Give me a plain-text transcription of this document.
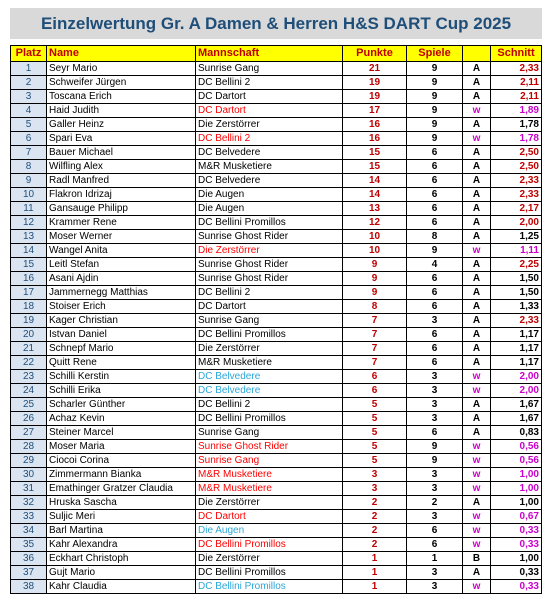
Einzelwertung Gr. A Damen & Herren H&S DART Cup 2025
Platz	Name	Mannschaft	Punkte	Spiele		Schnitt
1	Seyr Mario	Sunrise Gang	21	9	A	2,33
2	Schweifer Jürgen	DC Bellini 2	19	9	A	2,11
3	Toscana Erich	DC Dartort	19	9	A	2,11
4	Haid Judith	DC Dartort	17	9	w	1,89
5	Galler Heinz	Die Zerstörrer	16	9	A	1,78
6	Spari Eva	DC Bellini 2	16	9	w	1,78
7	Bauer Michael	DC Belvedere	15	6	A	2,50
8	Wilfling Alex	M&R Musketiere	15	6	A	2,50
9	Radl Manfred	DC Belvedere	14	6	A	2,33
10	Flakron Idrizaj	Die Augen	14	6	A	2,33
11	Gansauge Philipp	Die Augen	13	6	A	2,17
12	Krammer Rene	DC Bellini Promillos	12	6	A	2,00
13	Moser Werner	Sunrise Ghost Rider	10	8	A	1,25
14	Wangel Anita	Die Zerstörrer	10	9	w	1,11
15	Leitl Stefan	Sunrise Ghost Rider	9	4	A	2,25
16	Asani Ajdin	Sunrise Ghost Rider	9	6	A	1,50
17	Jammernegg Matthias	DC Bellini 2	9	6	A	1,50
18	Stoiser Erich	DC Dartort	8	6	A	1,33
19	Kager Christian	Sunrise Gang	7	3	A	2,33
20	Istvan Daniel	DC Bellini Promillos	7	6	A	1,17
21	Schnepf Mario	Die Zerstörrer	7	6	A	1,17
22	Quitt Rene	M&R Musketiere	7	6	A	1,17
23	Schilli Kerstin	DC Belvedere	6	3	w	2,00
24	Schilli Erika	DC Belvedere	6	3	w	2,00
25	Scharler Günther	DC Bellini 2	5	3	A	1,67
26	Achaz Kevin	DC Bellini Promillos	5	3	A	1,67
27	Steiner Marcel	Sunrise Gang	5	6	A	0,83
28	Moser Maria	Sunrise Ghost Rider	5	9	w	0,56
29	Ciocoi Corina	Sunrise Gang	5	9	w	0,56
30	Zimmermann Bianka	M&R Musketiere	3	3	w	1,00
31	Emathinger Gratzer Claudia	M&R Musketiere	3	3	w	1,00
32	Hruska Sascha	Die Zerstörrer	2	2	A	1,00
33	Suljic Meri	DC Dartort	2	3	w	0,67
34	Barl Martina	Die Augen	2	6	w	0,33
35	Kahr Alexandra	DC Bellini Promillos	2	6	w	0,33
36	Eckhart Christoph	Die Zerstörrer	1	1	B	1,00
37	Gujt Mario	DC Bellini Promillos	1	3	A	0,33
38	Kahr Claudia	DC Bellini Promillos	1	3	w	0,33
